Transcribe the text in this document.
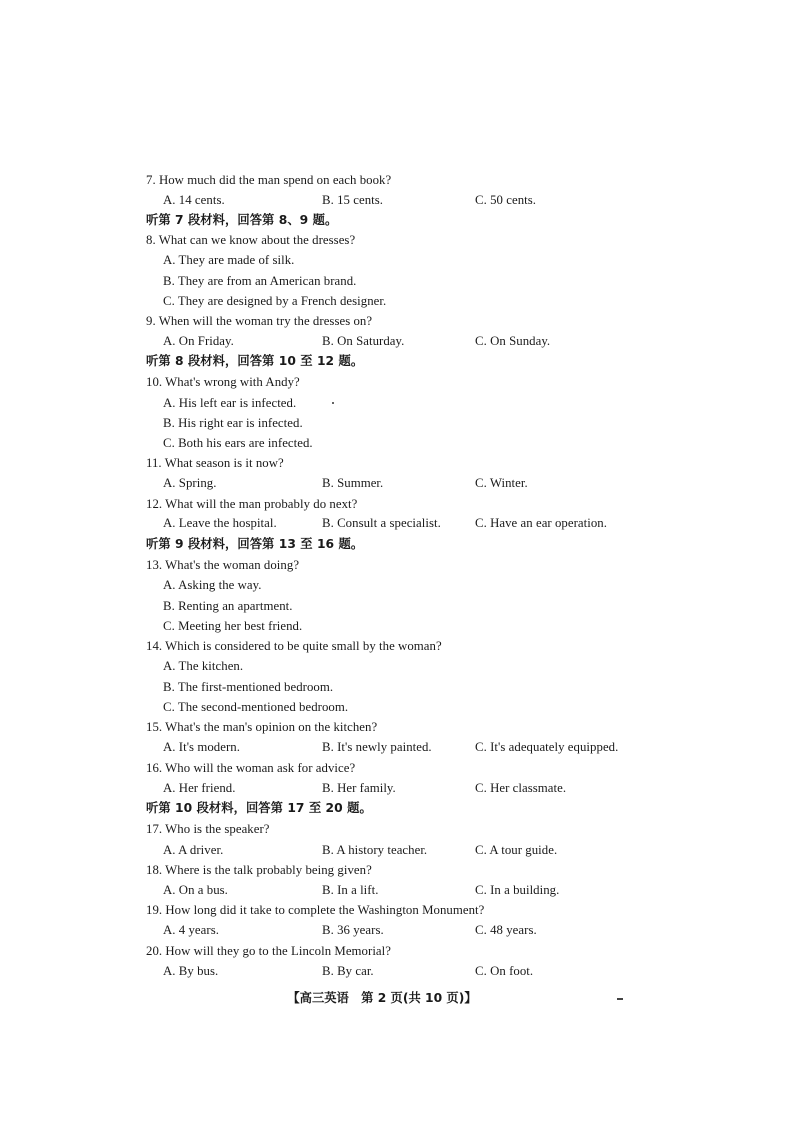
7. How much did the man spend on each book?

A. 14 cents.	B. 15 cents.	C. 50 cents.

听第 7 段材料，回答第 8、9 题。

8. What can we know about the dresses?

A. They are made of silk.

B. They are from an American brand.

C. They are designed by a French designer.

9. When will the woman try the dresses on?

A. On Friday.	B. On Saturday.	C. On Sunday.

听第 8 段材料，回答第 10 至 12 题。

10. What's wrong with Andy?

A. His left ear is infected.

B. His right ear is infected.

C. Both his ears are infected.

11. What season is it now?

A. Spring.	B. Summer.	C. Winter.

12. What will the man probably do next?

A. Leave the hospital.	B. Consult a specialist.	C. Have an ear operation.

听第 9 段材料，回答第 13 至 16 题。

13. What's the woman doing?

A. Asking the way.

B. Renting an apartment.

C. Meeting her best friend.

14. Which is considered to be quite small by the woman?

A. The kitchen.

B. The first-mentioned bedroom.

C. The second-mentioned bedroom.

15. What's the man's opinion on the kitchen?

A. It's modern.	B. It's newly painted.	C. It's adequately equipped.

16. Who will the woman ask for advice?

A. Her friend.	B. Her family.	C. Her classmate.

听第 10 段材料，回答第 17 至 20 题。

17. Who is the speaker?

A. A driver.	B. A history teacher.	C. A tour guide.

18. Where is the talk probably being given?

A. On a bus.	B. In a lift.	C. In a building.

19. How long did it take to complete the Washington Monument?

A. 4 years.	B. 36 years.	C. 48 years.

20. How will they go to the Lincoln Memorial?

A. By bus.	B. By car.	C. On foot.

【高三英语　第 2 页(共 10 页)】
